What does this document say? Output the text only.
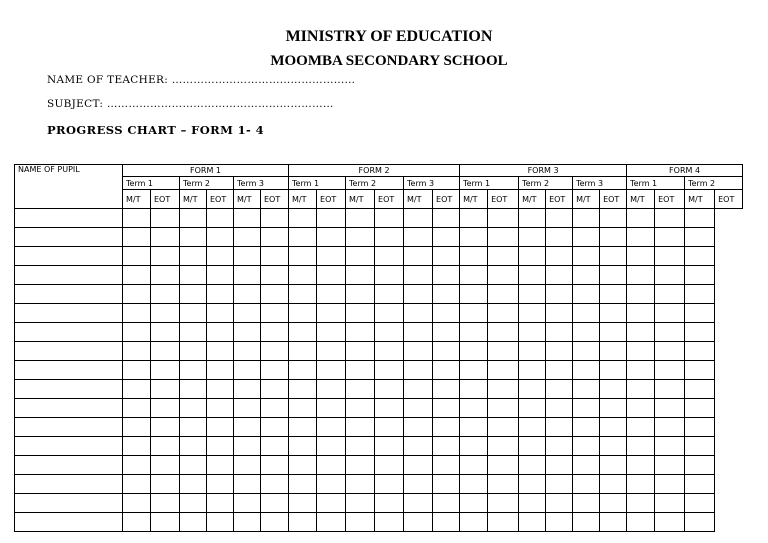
MINISTRY OF EDUCATION
MOOMBA SECONDARY SCHOOL
NAME OF TEACHER: ……………………………………………
SUBJECT: ………………………………………………………
PROGRESS CHART – FORM 1- 4
NAME OF PUPIL	FORM 1						FORM 2						FORM 3						FORM 4			
	Term 1		Term 2		Term 3		Term 1		Term 2		Term 3		Term 1		Term 2		Term 3		Term 1		Term 2	
	M/T	EOT	M/T	EOT	M/T	EOT	M/T	EOT	M/T	EOT	M/T	EOT	M/T	EOT	M/T	EOT	M/T	EOT	M/T	EOT	M/T	EOT
